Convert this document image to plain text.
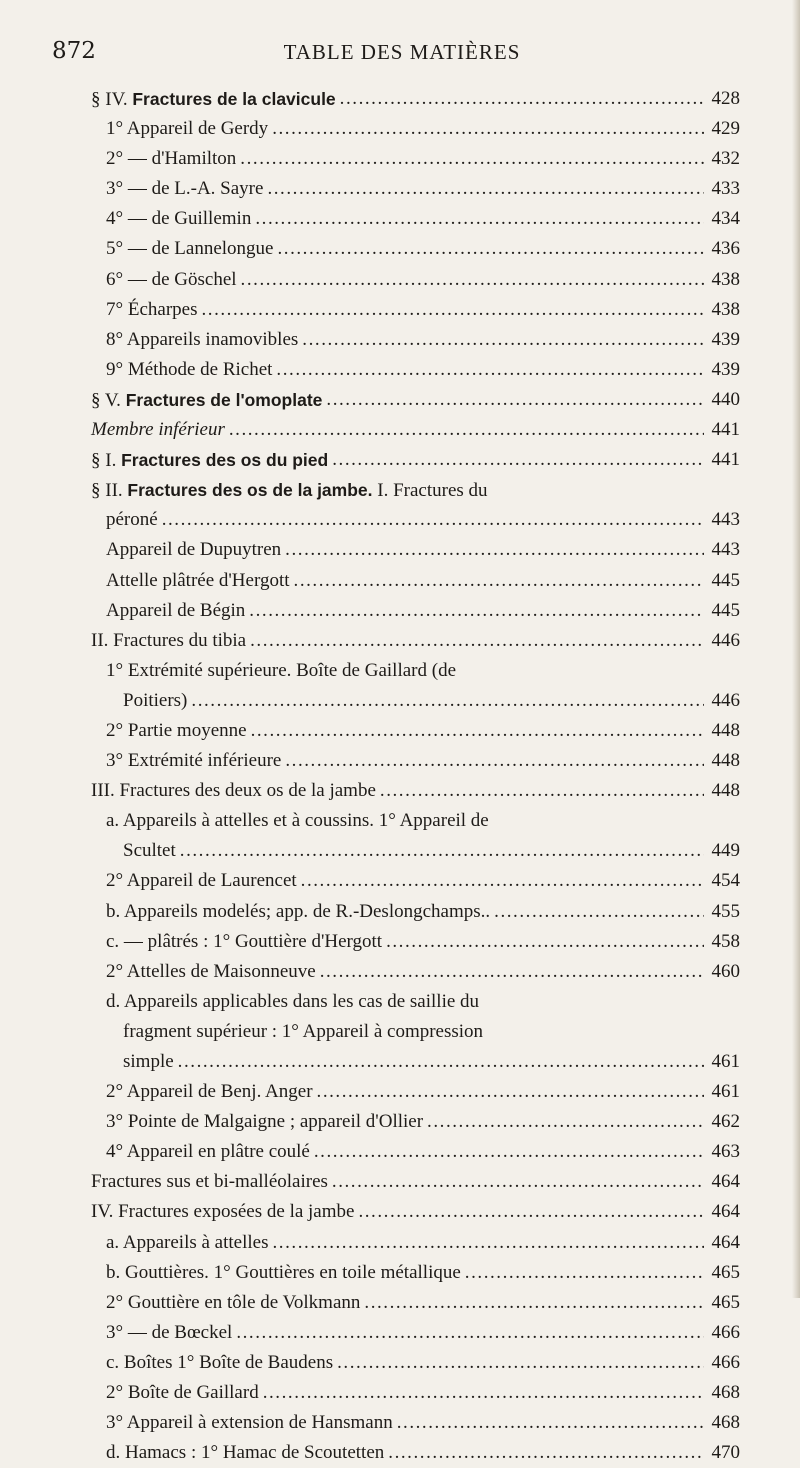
872	TABLE DES MATIÈRES
§ IV. Fractures de la clavicule	428
. . .
1° Appareil de Gerdy	429
. . .
2° — d'Hamilton	432
. . .
3° — de L.-A. Sayre	433
. . .
4° — de Guillemin	434
. . .
5° — de Lannelongue	436
. . .
6° — de Göschel	438
. . .
7° Écharpes	438
. . .
8° Appareils inamovibles	439
. . .
9° Méthode de Richet	439
. . .
§ V. Fractures de l'omoplate	440
. . .
Membre inférieur	441
. . .
§ I. Fractures des os du pied	441
. . .
§ II. Fractures des os de la jambe. I. Fractures du
péroné	443
. . .
Appareil de Dupuytren	443
. . .
Attelle plâtrée d'Hergott	445
. . .
Appareil de Bégin	445
. . .
II. Fractures du tibia	446
. . .
1° Extrémité supérieure. Boîte de Gaillard (de
Poitiers)	446
. . .
2° Partie moyenne	448
. . .
3° Extrémité inférieure	448
. . .
III. Fractures des deux os de la jambe	448
. . .
a. Appareils à attelles et à coussins. 1° Appareil de
Scultet	449
. . .
2° Appareil de Laurencet	454
. . .
b. Appareils modelés; app. de R.-Deslongchamps..	455
. . .
c. — plâtrés : 1° Gouttière d'Hergott	458
. . .
2° Attelles de Maisonneuve	460
. . .
d. Appareils applicables dans les cas de saillie du
fragment supérieur : 1° Appareil à compression
simple	461
. . .
2° Appareil de Benj. Anger	461
. . .
3° Pointe de Malgaigne ; appareil d'Ollier	462
. . .
4° Appareil en plâtre coulé	463
. . .
Fractures sus et bi-malléolaires	464
. . .
IV. Fractures exposées de la jambe	464
. . .
a. Appareils à attelles	464
. . .
b. Gouttières. 1° Gouttières en toile métallique	465
. . .
2° Gouttière en tôle de Volkmann	465
. . .
3° — de Bœckel	466
. . .
c. Boîtes 1° Boîte de Baudens	466
. . .
2° Boîte de Gaillard	468
. . .
3° Appareil à extension de Hansmann	468
. . .
d. Hamacs : 1° Hamac de Scoutetten	470
. . .
